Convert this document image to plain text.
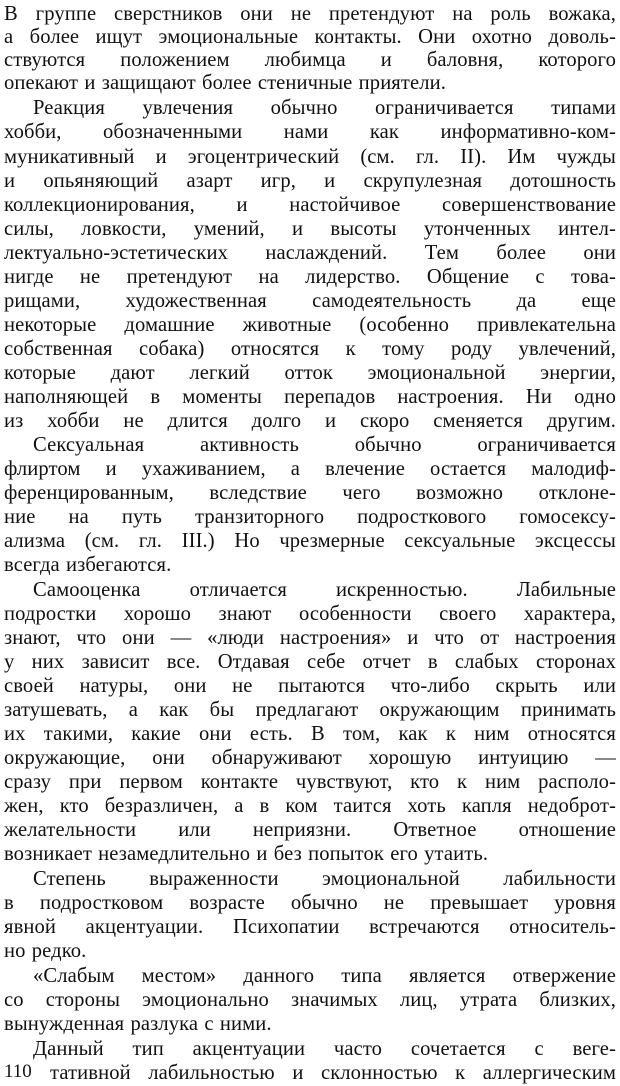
В группе сверстников они не претендуют на роль вожака,
а более ищут эмоциональные контакты. Они охотно доволь-
ствуются положением любимца и баловня, которого
опекают и защищают более стеничные приятели.
Реакция увлечения обычно ограничивается типами
хобби, обозначенными нами как информативно-ком-
муникативный и эгоцентрический (см. гл. II). Им чужды
и опьяняющий азарт игр, и скрупулезная дотошность
коллекционирования, и настойчивое совершенствование
силы, ловкости, умений, и высоты утонченных интел-
лектуально-эстетических наслаждений. Тем более они
нигде не претендуют на лидерство. Общение с това-
рищами, художественная самодеятельность да еще
некоторые домашние животные (особенно привлекательна
собственная собака) относятся к тому роду увлечений,
которые дают легкий отток эмоциональной энергии,
наполняющей в моменты перепадов настроения. Ни одно
из хобби не длится долго и скоро сменяется другим.
Сексуальная активность обычно ограничивается
флиртом и ухаживанием, а влечение остается малодиф-
ференцированным, вследствие чего возможно отклоне-
ние на путь транзиторного подросткового гомосексу-
ализма (см. гл. III.) Но чрезмерные сексуальные эксцессы
всегда избегаются.
Самооценка отличается искренностью. Лабильные
подростки хорошо знают особенности своего характера,
знают, что они — «люди настроения» и что от настроения
у них зависит все. Отдавая себе отчет в слабых сторонах
своей натуры, они не пытаются что-либо скрыть или
затушевать, а как бы предлагают окружающим принимать
их такими, какие они есть. В том, как к ним относятся
окружающие, они обнаруживают хорошую интуицию —
сразу при первом контакте чувствуют, кто к ним располо-
жен, кто безразличен, а в ком таится хоть капля недоброт-
желательности или неприязни. Ответное отношение
возникает незамедлительно и без попыток его утаить.
Степень выраженности эмоциональной лабильности
в подростковом возрасте обычно не превышает уровня
явной акцентуации. Психопатии встречаются относитель-
но редко.
«Слабым местом» данного типа является отвержение
со стороны эмоционально значимых лиц, утрата близких,
вынужденная разлука с ними.
Данный тип акцентуации часто сочетается с веге-
тативной лабильностью и склонностью к аллергическим
110
